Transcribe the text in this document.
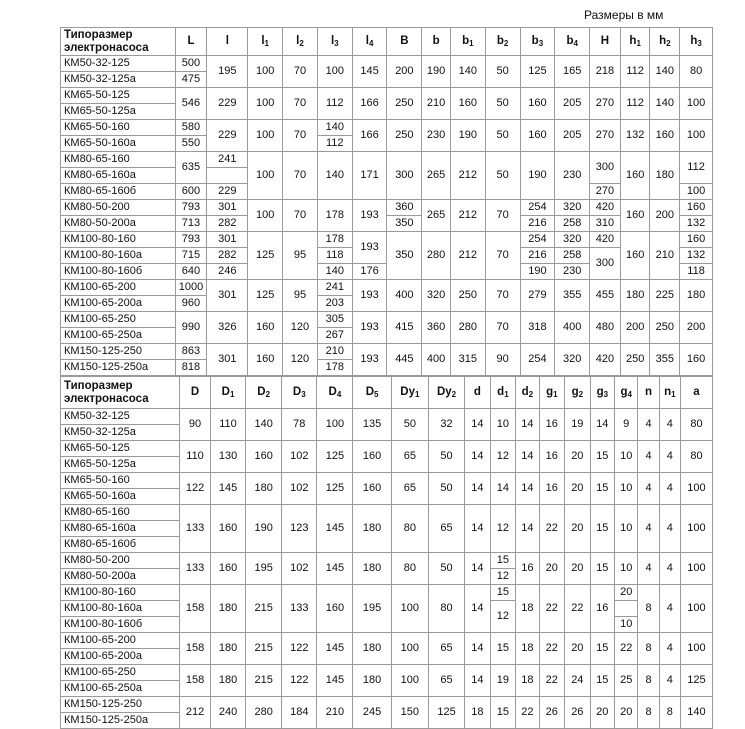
Размеры в мм
Типоразмер
электронасоса	L	l	$l_1$	$l_2$	$l_3$	$l_4$	B	b	$b_1$	$b_2$	$b_3$	$b_4$	H	$h_1$	$h_2$	$h_3$
КМ50-32-125	500	195	100	70	100	145	200	190	140	50	125	165	218	112	140	80
КМ50-32-125а	475															
КМ65-50-125	546	229	100	70	112	166	250	210	160	50	160	205	270	112	140	100
КМ65-50-125а																
КМ65-50-160	580	229	100	70	140	166	250	230	190	50	160	205	270	132	160	100
КМ65-50-160а	550				112											
КМ80-65-160	635	241	100	70	140	171	300	265	212	50	190	230	300	160	180	112
КМ80-65-160а																
КМ80-65-160б	600	229											270			100
КМ80-50-200	793	301	100	70	178	193	360	265	212	70	254	320	420	160	200	160
КМ80-50-200а	713	282					350				216	258	310			132
КМ100-80-160	793	301	125	95	178	193	350	280	212	70	254	320	420	160	210	160
КМ100-80-160а	715	282			118						216	258	300			132
КМ100-80-160б	640	246			140	176					190	230				118
КМ100-65-200	1000	301	125	95	241	193	400	320	250	70	279	355	455	180	225	180
КМ100-65-200а	960				203											
КМ100-65-250	990	326	160	120	305	193	415	360	280	70	318	400	480	200	250	200
КМ100-65-250а					267											
КМ150-125-250	863	301	160	120	210	193	445	400	315	90	254	320	420	250	355	160
КМ150-125-250а	818				178											
Типоразмер
электронасоса	D	$D_1$	$D_2$	$D_3$	$D_4$	$D_5$	$Dy_1$	$Dy_2$	d	$d_1$	$d_2$	$g_1$	$g_2$	$g_3$	$g_4$	n	$n_1$	a
КМ50-32-125	90	110	140	78	100	135	50	32	14	10	14	16	19	14	9	4	4	80
КМ50-32-125а																		
КМ65-50-125	110	130	160	102	125	160	65	50	14	12	14	16	20	15	10	4	4	80
КМ65-50-125а																		
КМ65-50-160	122	145	180	102	125	160	65	50	14	14	14	16	20	15	10	4	4	100
КМ65-50-160а																		
КМ80-65-160	133	160	190	123	145	180	80	65	14	12	14	22	20	15	10	4	4	100
КМ80-65-160а																		
КМ80-65-160б																		
КМ80-50-200	133	160	195	102	145	180	80	50	14	15	16	20	20	15	10	4	4	100
КМ80-50-200а										12								
КМ100-80-160	158	180	215	133	160	195	100	80	14	15	18	22	22	16	20	8	4	100
КМ100-80-160а										12								
КМ100-80-160б															10			
КМ100-65-200	158	180	215	122	145	180	100	65	14	15	18	22	20	15	22	8	4	100
КМ100-65-200а																		
КМ100-65-250	158	180	215	122	145	180	100	65	14	19	18	22	24	15	25	8	4	125
КМ100-65-250а																		
КМ150-125-250	212	240	280	184	210	245	150	125	18	15	22	26	26	20	20	8	8	140
КМ150-125-250а																		
